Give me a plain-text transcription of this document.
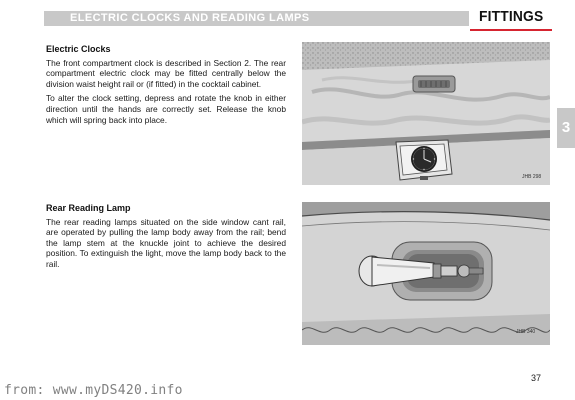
ELECTRIC CLOCKS AND READING LAMPS	FITTINGS
3
Electric Clocks

The front compartment clock is described in Section 2. The rear compartment electric clock may be fitted centrally below the division waist height rail or (if fitted) in the cocktail cabinet.

To alter the clock setting, depress and rotate the knob in either direction until the hands are correctly set. Release the knob which will spring back into place.

Rear Reading Lamp

The rear reading lamps situated on the side window cant rail, are operated by pulling the lamp body away from the rail; bend the lamp stem at the knuckle joint to achieve the desired position. To extinguish the light, move the lamp body back to the rail.

JHB 298
JHB 340
37
from: www.myDS420.info
